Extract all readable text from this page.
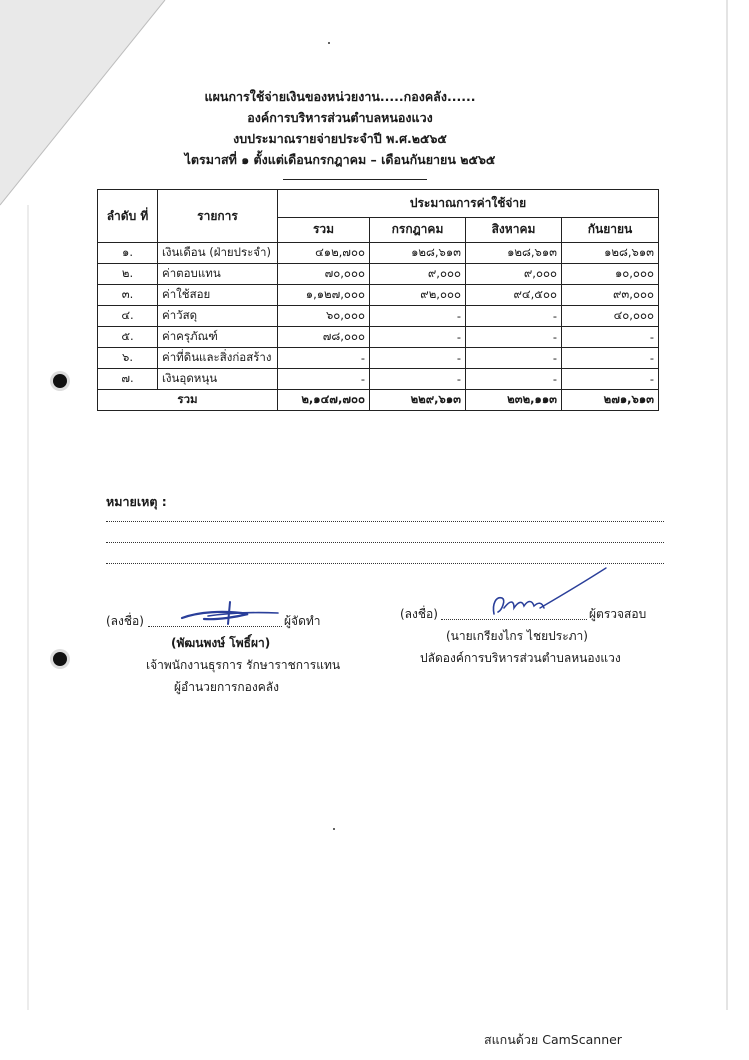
แผนการใช้จ่ายเงินของหน่วยงาน.....กองคลัง......
องค์การบริหารส่วนตำบลหนองแวง
งบประมาณรายจ่ายประจำปี พ.ศ.๒๕๖๕
ไตรมาสที่ ๑ ตั้งแต่เดือนกรกฎาคม – เดือนกันยายน ๒๕๖๕
ลำดับ ที่	รายการ	ประมาณการค่าใช้จ่าย			
		รวม	กรกฎาคม	สิงหาคม	กันยายน
๑.	เงินเดือน (ฝ่ายประจำ)	๔๑๒,๗๐๐	๑๒๘,๖๑๓	๑๒๘,๖๑๓	๑๒๘,๖๑๓
๒.	ค่าตอบแทน	๗๐,๐๐๐	๙,๐๐๐	๙,๐๐๐	๑๐,๐๐๐
๓.	ค่าใช้สอย	๑,๑๒๗,๐๐๐	๙๒,๐๐๐	๙๔,๕๐๐	๙๓,๐๐๐
๔.	ค่าวัสดุ	๖๐,๐๐๐	-	-	๔๐,๐๐๐
๕.	ค่าครุภัณฑ์	๗๘,๐๐๐	-	-	-
๖.	ค่าที่ดินและสิ่งก่อสร้าง	-	-	-	-
๗.	เงินอุดหนุน	-	-	-	-
รวม		๒,๑๔๗,๗๐๐	๒๒๙,๖๑๓	๒๓๒,๑๑๓	๒๗๑,๖๑๓
หมายเหตุ :
(ลงชื่อ)	ผู้จัดทำ
(พัฒนพงษ์ โพธิ์ผา)
เจ้าพนักงานธุรการ รักษาราชการแทน
ผู้อำนวยการกองคลัง
(ลงชื่อ)	ผู้ตรวจสอบ
(นายเกรียงไกร ไชยประภา)
ปลัดองค์การบริหารส่วนตำบลหนองแวง
สแกนด้วย CamScanner
